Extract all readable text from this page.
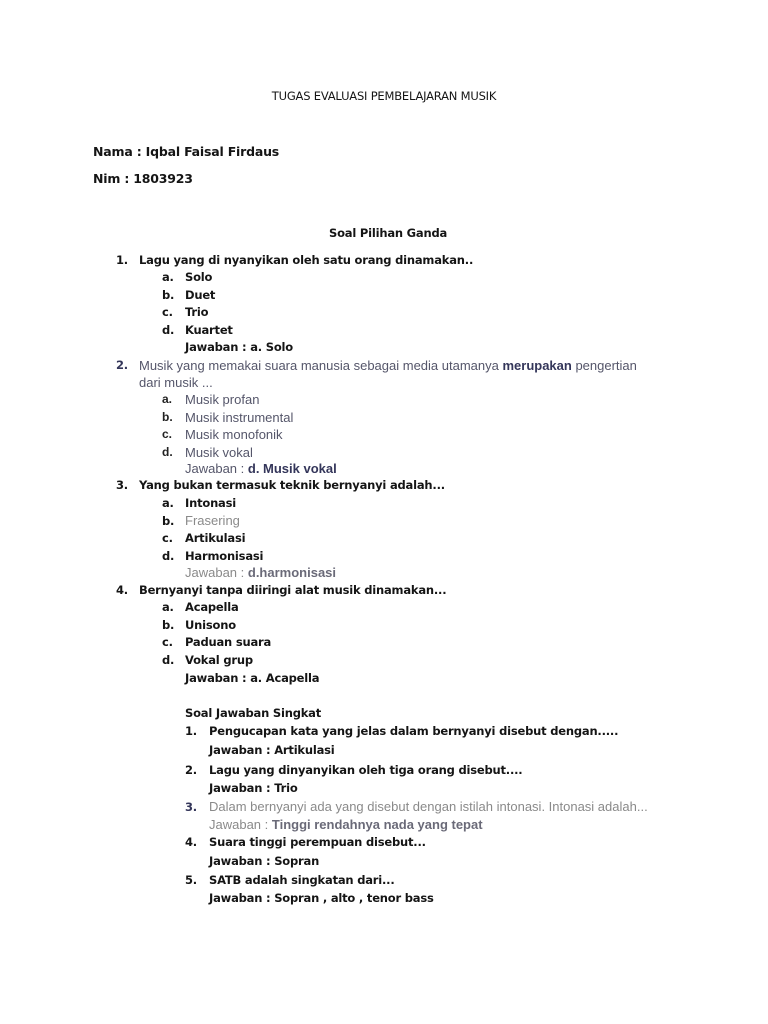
TUGAS EVALUASI PEMBELAJARAN MUSIK
Nama : Iqbal Faisal Firdaus
Nim : 1803923
Soal Pilihan Ganda
1. Lagu yang di nyanyikan oleh satu orang dinamakan..
a. Solo
b. Duet
c. Trio
d. Kuartet
Jawaban : a. Solo
2. Musik yang memakai suara manusia sebagai media utamanya merupakan pengertian
dari musik ...
a. Musik profan
b. Musik instrumental
c. Musik monofonik
d. Musik vokal
Jawaban : d. Musik vokal
3. Yang bukan termasuk teknik bernyanyi adalah...
a. Intonasi
b. Frasering
c. Artikulasi
d. Harmonisasi
Jawaban : d.harmonisasi
4. Bernyanyi tanpa diiringi alat musik dinamakan...
a. Acapella
b. Unisono
c. Paduan suara
d. Vokal grup
Jawaban : a. Acapella
Soal Jawaban Singkat
1. Pengucapan kata yang jelas dalam bernyanyi disebut dengan.....
Jawaban : Artikulasi
2. Lagu yang dinyanyikan oleh tiga orang disebut....
Jawaban : Trio
3. Dalam bernyanyi ada yang disebut dengan istilah intonasi. Intonasi adalah...
Jawaban : Tinggi rendahnya nada yang tepat
4. Suara tinggi perempuan disebut...
Jawaban : Sopran
5. SATB adalah singkatan dari...
Jawaban : Sopran , alto , tenor bass
